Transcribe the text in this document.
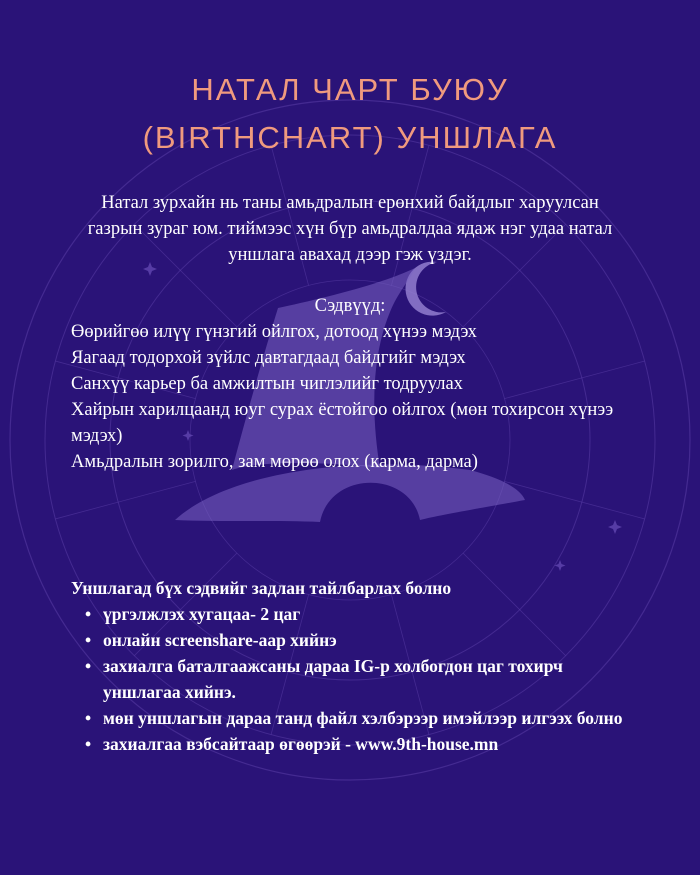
НАТАЛ ЧАРТ БУЮУ
(BIRTHCHART) УНШЛАГА
Натал зурхайн нь таны амьдралын ерөнхий байдлыг харуулсан газрын зураг юм. тиймээс хүн бүр амьдралдаа ядаж нэг удаа натал уншлага авахад дээр гэж үздэг.
Сэдвүүд:
Өөрийгөө илүү гүнзгий ойлгох, дотоод хүнээ мэдэх
Яагаад тодорхой зүйлс давтагдаад байдгийг мэдэх
Санхүү карьер ба амжилтын чиглэлийг тодруулах
Хайрын харилцаанд юуг сурах ёстойгоо ойлгох (мөн тохирсон хүнээ мэдэх)
Амьдралын зорилго, зам мөрөө олох (карма, дарма)
Уншлагад бүх сэдвийг задлан тайлбарлах болно
• үргэлжлэх хугацаа- 2 цаг
• онлайн screenshare-аар хийнэ
• захиалга баталгаажсаны дараа IG-р холбогдон цаг тохирч уншлагаа хийнэ.
• мөн уншлагын дараа танд файл хэлбэрээр имэйлээр илгээх болно
• захиалгаа вэбсайтаар өгөөрэй - www.9th-house.mn
